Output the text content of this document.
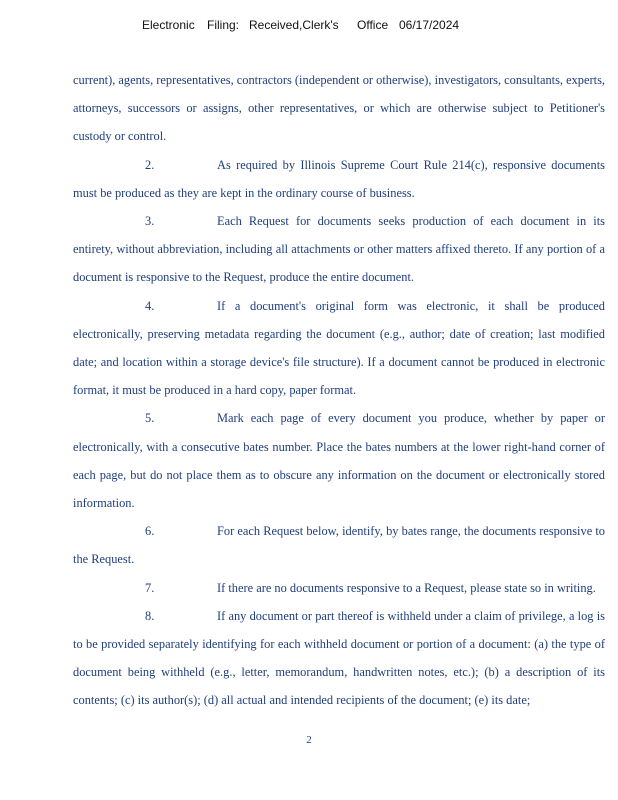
Electronic Filing: Received,Clerk's Office 06/17/2024

current), agents, representatives, contractors (independent or otherwise), investigators, consultants, experts, attorneys, successors or assigns, other representatives, or which are otherwise subject to Petitioner's custody or control.

2.	As required by Illinois Supreme Court Rule 214(c), responsive documents must be produced as they are kept in the ordinary course of business.

3.	Each Request for documents seeks production of each document in its entirety, without abbreviation, including all attachments or other matters affixed thereto. If any portion of a document is responsive to the Request, produce the entire document.

4.	If a document's original form was electronic, it shall be produced electronically, preserving metadata regarding the document (e.g., author; date of creation; last modified date; and location within a storage device's file structure). If a document cannot be produced in electronic format, it must be produced in a hard copy, paper format.

5.	Mark each page of every document you produce, whether by paper or electronically, with a consecutive bates number. Place the bates numbers at the lower right-hand corner of each page, but do not place them as to obscure any information on the document or electronically stored information.

6.	For each Request below, identify, by bates range, the documents responsive to the Request.

7.	If there are no documents responsive to a Request, please state so in writing.

8.	If any document or part thereof is withheld under a claim of privilege, a log is to be provided separately identifying for each withheld document or portion of a document: (a) the type of document being withheld (e.g., letter, memorandum, handwritten notes, etc.); (b) a description of its contents; (c) its author(s); (d) all actual and intended recipients of the document; (e) its date;

2
